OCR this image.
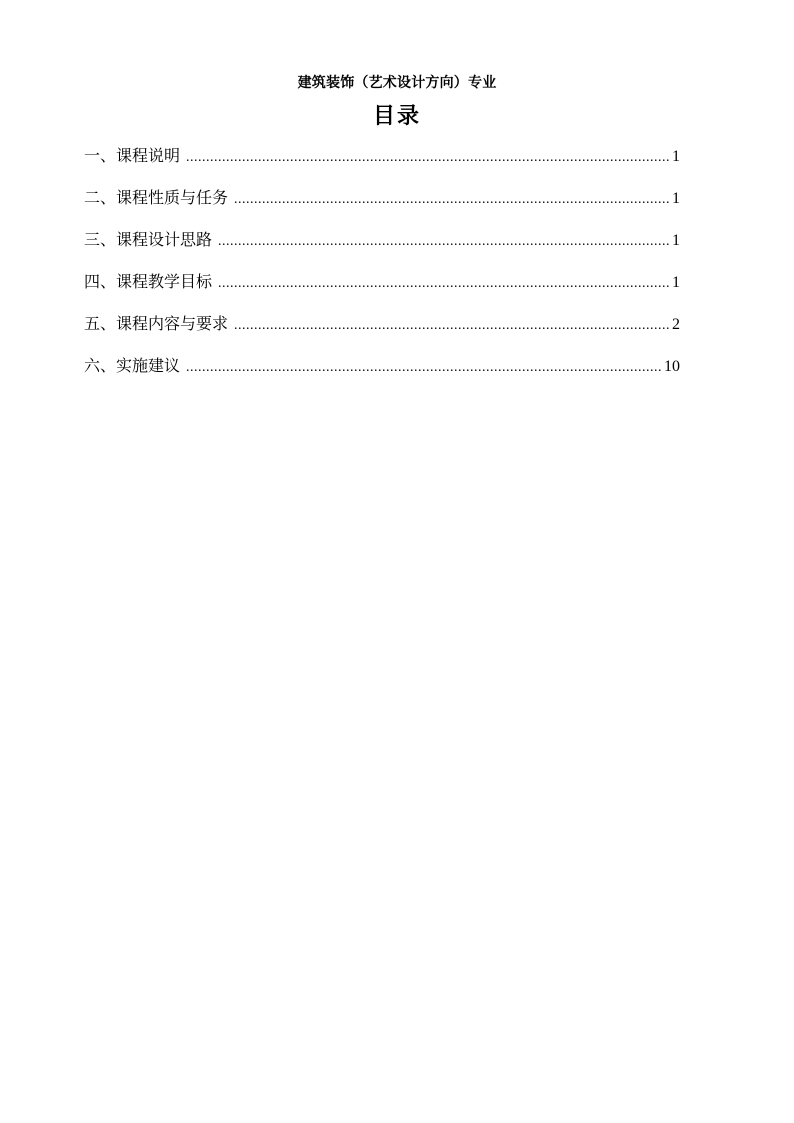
建筑装饰（艺术设计方向）专业
目录
一、课程说明 .....	1
二、课程性质与任务 .....	1
三、课程设计思路 .....	1
四、课程教学目标 .....	1
五、课程内容与要求 .....	2
六、实施建议 .....	10
